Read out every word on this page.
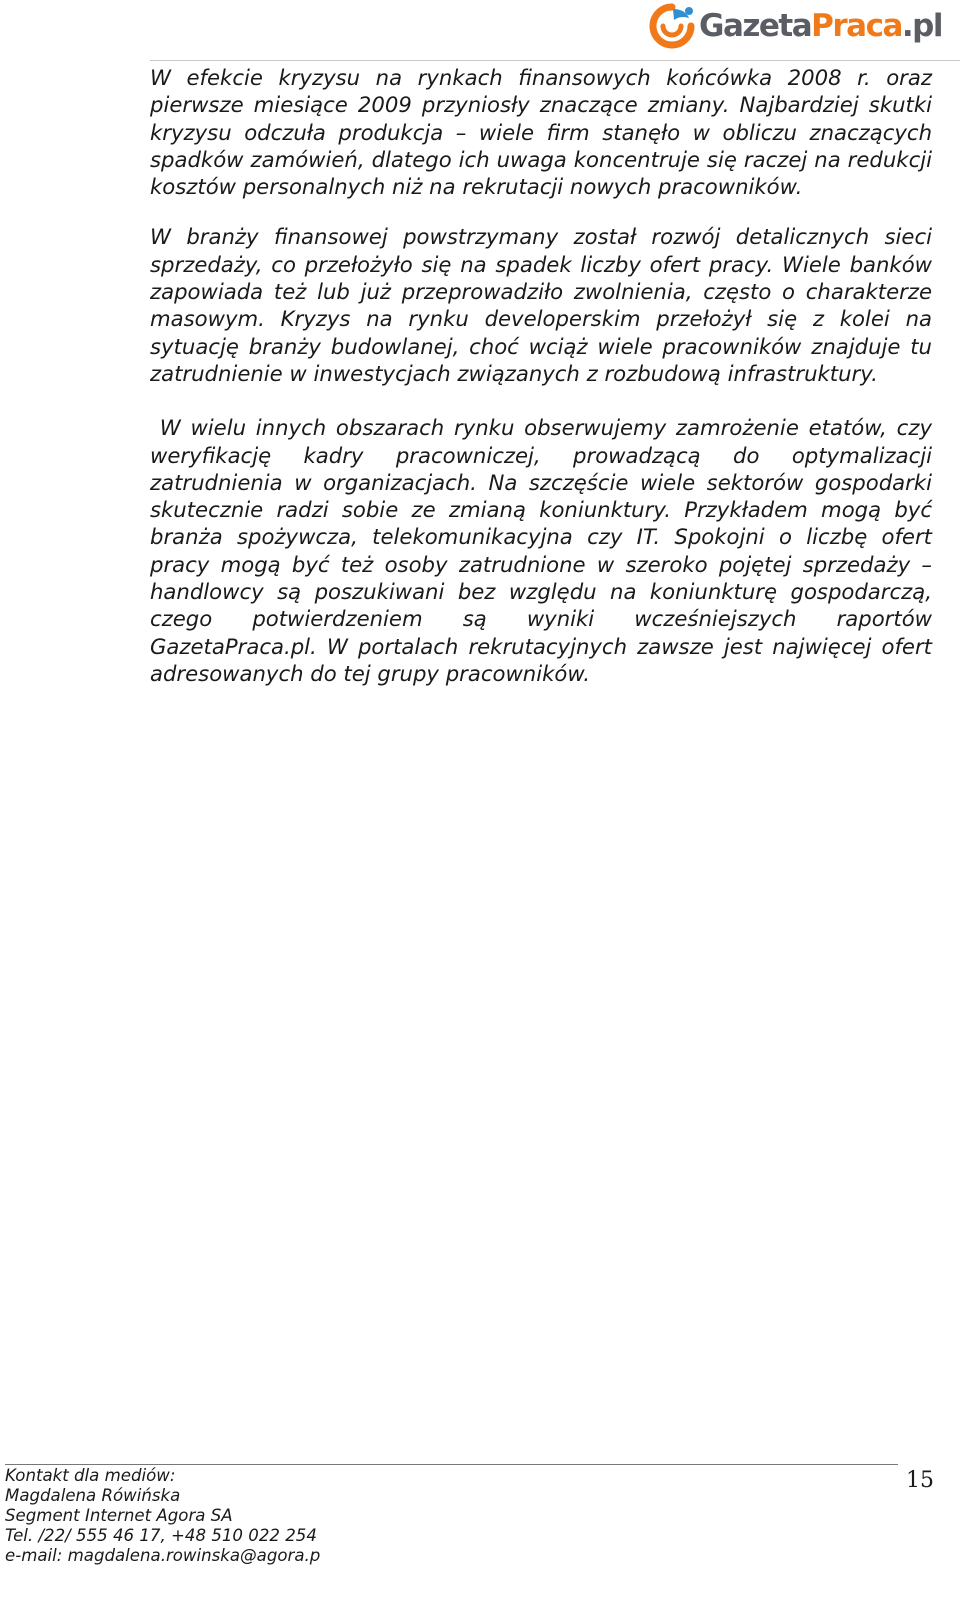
GazetaPraca.pl

W efekcie kryzysu na rynkach finansowych końcówka 2008 r. oraz pierwsze miesiące 2009 przyniosły znaczące zmiany. Najbardziej skutki kryzysu odczuła produkcja – wiele firm stanęło w obliczu znaczących spadków zamówień, dlatego ich uwaga koncentruje się raczej na redukcji kosztów personalnych niż na rekrutacji nowych pracowników.

W branży finansowej powstrzymany został rozwój detalicznych sieci sprzedaży, co przełożyło się na spadek liczby ofert pracy. Wiele banków zapowiada też lub już przeprowadziło zwolnienia, często o charakterze masowym. Kryzys na rynku developerskim przełożył się z kolei na sytuację branży budowlanej, choć wciąż wiele pracowników znajduje tu zatrudnienie w inwestycjach związanych z rozbudową infrastruktury.

W wielu innych obszarach rynku obserwujemy zamrożenie etatów, czy weryfikację kadry pracowniczej, prowadzącą do optymalizacji zatrudnienia w organizacjach. Na szczęście wiele sektorów gospodarki skutecznie radzi sobie ze zmianą koniunktury. Przykładem mogą być branża spożywcza, telekomunikacyjna czy IT. Spokojni o liczbę ofert pracy mogą być też osoby zatrudnione w szeroko pojętej sprzedaży – handlowcy są poszukiwani bez względu na koniunkturę gospodarczą, czego potwierdzeniem są wyniki wcześniejszych raportów GazetaPraca.pl. W portalach rekrutacyjnych zawsze jest najwięcej ofert adresowanych do tej grupy pracowników.

Kontakt dla mediów:
Magdalena Rówińska
Segment Internet Agora SA
Tel. /22/ 555 46 17, +48 510 022 254
e-mail: magdalena.rowinska@agora.p
15
